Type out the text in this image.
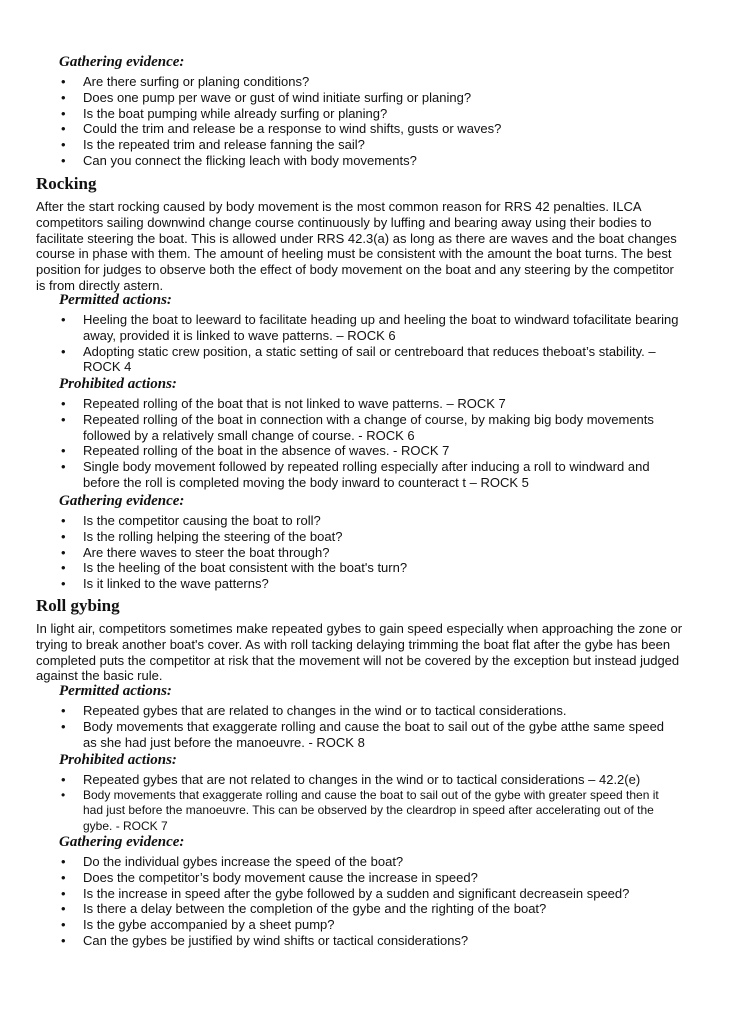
Gathering evidence:

• Are there surfing or planing conditions?
• Does one pump per wave or gust of wind initiate surfing or planing?
• Is the boat pumping while already surfing or planing?
• Could the trim and release be a response to wind shifts, gusts or waves?
• Is the repeated trim and release fanning the sail?
• Can you connect the flicking leach with body movements?
Rocking

After the start rocking caused by body movement is the most common reason for RRS 42 penalties. ILCA competitors sailing downwind change course continuously by luffing and bearing away using their bodies to facilitate steering the boat. This is allowed under RRS 42.3(a) as long as there are waves and the boat changes course in phase with them. The amount of heeling must be consistent with the amount the boat turns. The best position for judges to observe both the effect of body movement on the boat and any steering by the competitor is from directly astern.

Permitted actions:

• Heeling the boat to leeward to facilitate heading up and heeling the boat to windward tofacilitate bearing away, provided it is linked to wave patterns. – ROCK 6
• Adopting static crew position, a static setting of sail or centreboard that reduces theboat’s stability. – ROCK 4

Prohibited actions:

• Repeated rolling of the boat that is not linked to wave patterns. – ROCK 7
• Repeated rolling of the boat in connection with a change of course, by making big body movements followed by a relatively small change of course. - ROCK 6
• Repeated rolling of the boat in the absence of waves. - ROCK 7
• Single body movement followed by repeated rolling especially after inducing a roll to windward and before the roll is completed moving the body inward to counteract t – ROCK 5

Gathering evidence:

• Is the competitor causing the boat to roll?
• Is the rolling helping the steering of the boat?
• Are there waves to steer the boat through?
• Is the heeling of the boat consistent with the boat's turn?
• Is it linked to the wave patterns?
Roll gybing

In light air, competitors sometimes make repeated gybes to gain speed especially when approaching the zone or trying to break another boat's cover. As with roll tacking delaying trimming the boat flat after the gybe has been completed puts the competitor at risk that the movement will not be covered by the exception but instead judged against the basic rule.

Permitted actions:

• Repeated gybes that are related to changes in the wind or to tactical considerations.
• Body movements that exaggerate rolling and cause the boat to sail out of the gybe atthe same speed as she had just before the manoeuvre. - ROCK 8

Prohibited actions:

• Repeated gybes that are not related to changes in the wind or to tactical considerations – 42.2(e)
• Body movements that exaggerate rolling and cause the boat to sail out of the gybe with greater speed then it had just before the manoeuvre. This can be observed by the cleardrop in speed after accelerating out of the gybe. - ROCK 7

Gathering evidence:

• Do the individual gybes increase the speed of the boat?
• Does the competitor’s body movement cause the increase in speed?
• Is the increase in speed after the gybe followed by a sudden and significant decreasein speed?
• Is there a delay between the completion of the gybe and the righting of the boat?
• Is the gybe accompanied by a sheet pump?
• Can the gybes be justified by wind shifts or tactical considerations?
